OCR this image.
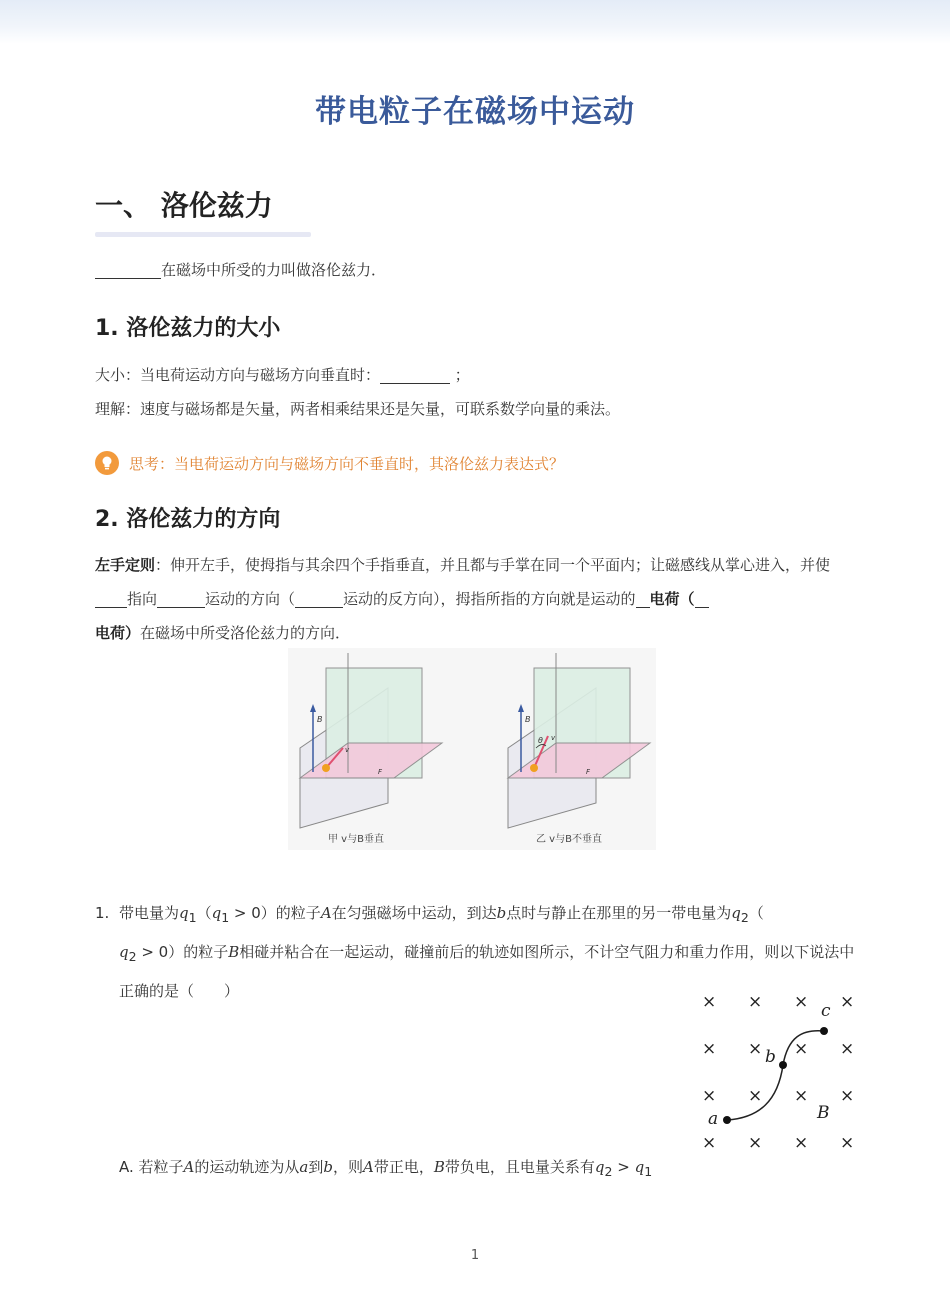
带电粒子在磁场中运动
一、 洛伦兹力
在磁场中所受的力叫做洛伦兹力．
1. 洛伦兹力的大小
大小：当电荷运动方向与磁场方向垂直时：	；
理解：速度与磁场都是矢量，两者相乘结果还是矢量，可联系数学向量的乘法。
思考：当电荷运动方向与磁场方向不垂直时，其洛伦兹力表达式？
2. 洛伦兹力的方向
左手定则：伸开左手，使拇指与其余四个手指垂直，并且都与手掌在同一个平面内；让磁感线从掌心进入，并使指向	运动的方向（	运动的反方向），拇指所指的方向就是运动的 电荷（
电荷）在磁场中所受洛伦兹力的方向．
B
v
F
甲 v与B垂直
θ
B
v
F
乙 v与B不垂直
1. 带电量为$q_1(q_1 > 0)$的粒子A在匀强磁场中运动，到达b点时与静止在那里的另一带电量为$q_2$（
$q_2 > 0$）的粒子B相碰并粘合在一起运动，碰撞前后的轨迹如图所示，不计空气阻力和重力作用，则以下说法中正确的是（　　）
× × × ×
× × × ×
× × × ×
× × × ×
a
b
c
B
A. 若粒子A的运动轨迹为从a到b，则A带正电，B带负电，且电量关系有$q_2 > q_1$
1
